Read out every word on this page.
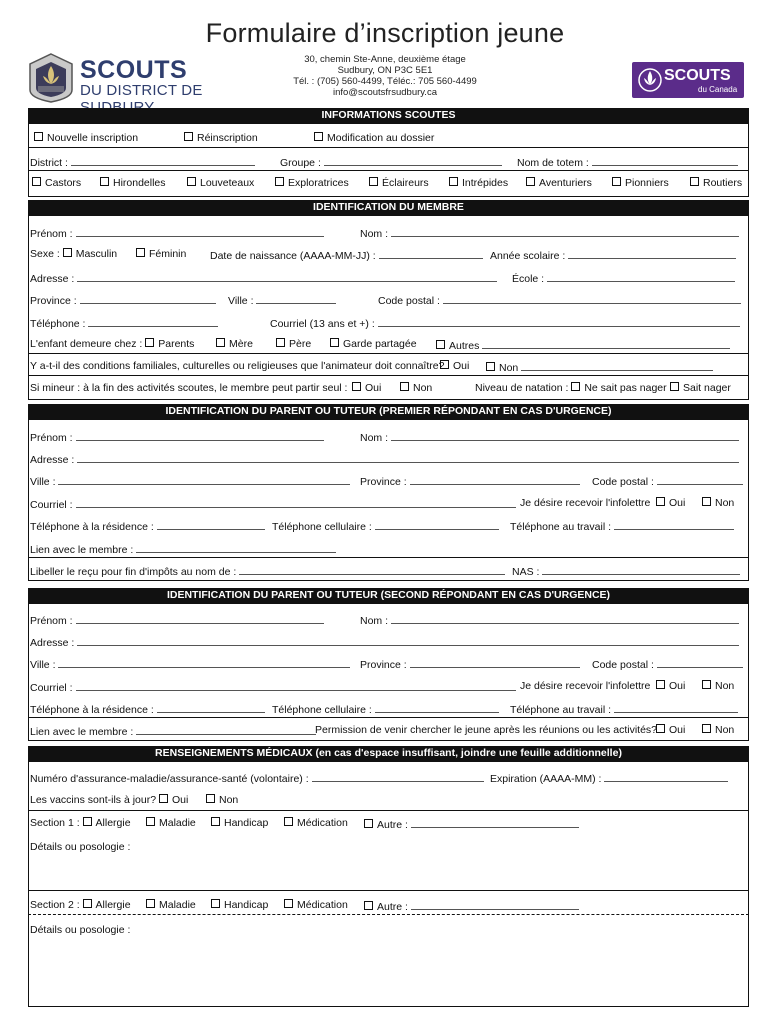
Formulaire d’inscription jeune
SCOUTS
DU DISTRICT DE
30, chemin Ste-Anne, deuxième étage
Sudbury, ON P3C 5E1
Tél. : (705) 560-4499, Téléc.: 705 560-4499
info@scoutsfrsudbury.ca
SCOUTS
du Canada
INFORMATIONS SCOUTES
Nouvelle inscription	Réinscription	Modification au dossier
District :	Groupe :	Nom de totem :
Castors	Hirondelles	Louveteaux	Exploratrices	Éclaireurs	Intrépides	Aventuriers	Pionniers	Routiers
IDENTIFICATION DU MEMBRE
Prénom :	Nom :
Sexe : Masculin	Féminin Date de naissance (AAAA-MM-JJ) :	Année scolaire :
Adresse :	École :
Province :	Ville :	Code postal :
Téléphone :	Courriel (13 ans et +) :
L'enfant demeure chez : Parents	Mère	Père	Garde partagée	Autres
Y a-t-il des conditions familiales, culturelles ou religieuses que l'animateur doit connaître? Oui	Non
Si mineur : à la fin des activités scoutes, le membre peut partir seul :	Oui	Non	Niveau de natation : Ne sait pas nager	Sait nager
IDENTIFICATION DU PARENT OU TUTEUR (PREMIER RÉPONDANT EN CAS D'URGENCE)
Prénom :	Nom :
Adresse :
Ville :	Province :	Code postal :
Courriel :	Je désire recevoir l'infolettre	Oui	Non
Téléphone à la résidence :	Téléphone cellulaire :	Téléphone au travail :
Lien avec le membre :
Libeller le reçu pour fin d'impôts au nom de :	NAS :
IDENTIFICATION DU PARENT OU TUTEUR (SECOND RÉPONDANT EN CAS D'URGENCE)
Prénom :	Nom :
Adresse :
Ville :	Province :	Code postal :
Courriel :	Je désire recevoir l'infolettre	Oui	Non
Téléphone à la résidence :	Téléphone cellulaire :	Téléphone au travail :
Lien avec le membre :	Permission de venir chercher le jeune après les réunions ou les activités?	Oui	Non
RENSEIGNEMENTS MÉDICAUX (en cas d'espace insuffisant, joindre une feuille additionnelle)
Numéro d'assurance-maladie/assurance-santé (volontaire) :	Expiration (AAAA-MM) :
Les vaccins sont-ils à jour? Oui	Non
Section 1 : Allergie	Maladie	Handicap	Médication	Autre :
Détails ou posologie :
Section 2 : Allergie	Maladie	Handicap	Médication	Autre :
Détails ou posologie :
